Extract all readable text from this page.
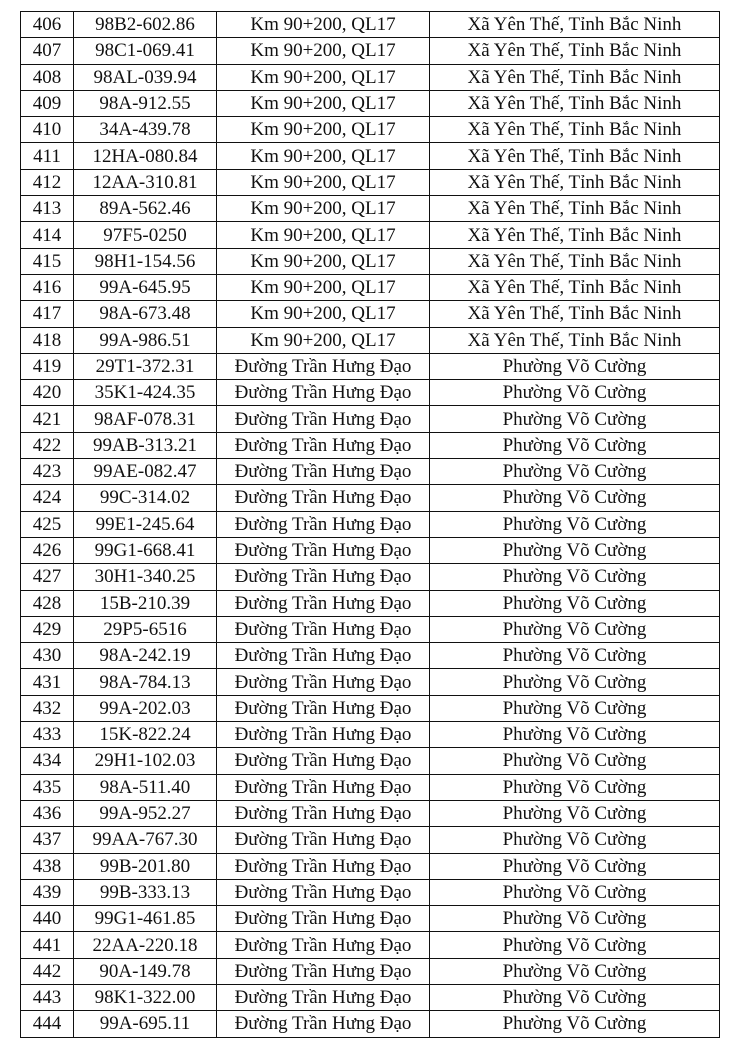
406	98B2-602.86	Km 90+200, QL17	Xã Yên Thế, Tỉnh Bắc Ninh
407	98C1-069.41	Km 90+200, QL17	Xã Yên Thế, Tỉnh Bắc Ninh
408	98AL-039.94	Km 90+200, QL17	Xã Yên Thế, Tỉnh Bắc Ninh
409	98A-912.55	Km 90+200, QL17	Xã Yên Thế, Tỉnh Bắc Ninh
410	34A-439.78	Km 90+200, QL17	Xã Yên Thế, Tỉnh Bắc Ninh
411	12HA-080.84	Km 90+200, QL17	Xã Yên Thế, Tỉnh Bắc Ninh
412	12AA-310.81	Km 90+200, QL17	Xã Yên Thế, Tỉnh Bắc Ninh
413	89A-562.46	Km 90+200, QL17	Xã Yên Thế, Tỉnh Bắc Ninh
414	97F5-0250	Km 90+200, QL17	Xã Yên Thế, Tỉnh Bắc Ninh
415	98H1-154.56	Km 90+200, QL17	Xã Yên Thế, Tỉnh Bắc Ninh
416	99A-645.95	Km 90+200, QL17	Xã Yên Thế, Tỉnh Bắc Ninh
417	98A-673.48	Km 90+200, QL17	Xã Yên Thế, Tỉnh Bắc Ninh
418	99A-986.51	Km 90+200, QL17	Xã Yên Thế, Tỉnh Bắc Ninh
419	29T1-372.31	Đường Trần Hưng Đạo	Phường Võ Cường
420	35K1-424.35	Đường Trần Hưng Đạo	Phường Võ Cường
421	98AF-078.31	Đường Trần Hưng Đạo	Phường Võ Cường
422	99AB-313.21	Đường Trần Hưng Đạo	Phường Võ Cường
423	99AE-082.47	Đường Trần Hưng Đạo	Phường Võ Cường
424	99C-314.02	Đường Trần Hưng Đạo	Phường Võ Cường
425	99E1-245.64	Đường Trần Hưng Đạo	Phường Võ Cường
426	99G1-668.41	Đường Trần Hưng Đạo	Phường Võ Cường
427	30H1-340.25	Đường Trần Hưng Đạo	Phường Võ Cường
428	15B-210.39	Đường Trần Hưng Đạo	Phường Võ Cường
429	29P5-6516	Đường Trần Hưng Đạo	Phường Võ Cường
430	98A-242.19	Đường Trần Hưng Đạo	Phường Võ Cường
431	98A-784.13	Đường Trần Hưng Đạo	Phường Võ Cường
432	99A-202.03	Đường Trần Hưng Đạo	Phường Võ Cường
433	15K-822.24	Đường Trần Hưng Đạo	Phường Võ Cường
434	29H1-102.03	Đường Trần Hưng Đạo	Phường Võ Cường
435	98A-511.40	Đường Trần Hưng Đạo	Phường Võ Cường
436	99A-952.27	Đường Trần Hưng Đạo	Phường Võ Cường
437	99AA-767.30	Đường Trần Hưng Đạo	Phường Võ Cường
438	99B-201.80	Đường Trần Hưng Đạo	Phường Võ Cường
439	99B-333.13	Đường Trần Hưng Đạo	Phường Võ Cường
440	99G1-461.85	Đường Trần Hưng Đạo	Phường Võ Cường
441	22AA-220.18	Đường Trần Hưng Đạo	Phường Võ Cường
442	90A-149.78	Đường Trần Hưng Đạo	Phường Võ Cường
443	98K1-322.00	Đường Trần Hưng Đạo	Phường Võ Cường
444	99A-695.11	Đường Trần Hưng Đạo	Phường Võ Cường
